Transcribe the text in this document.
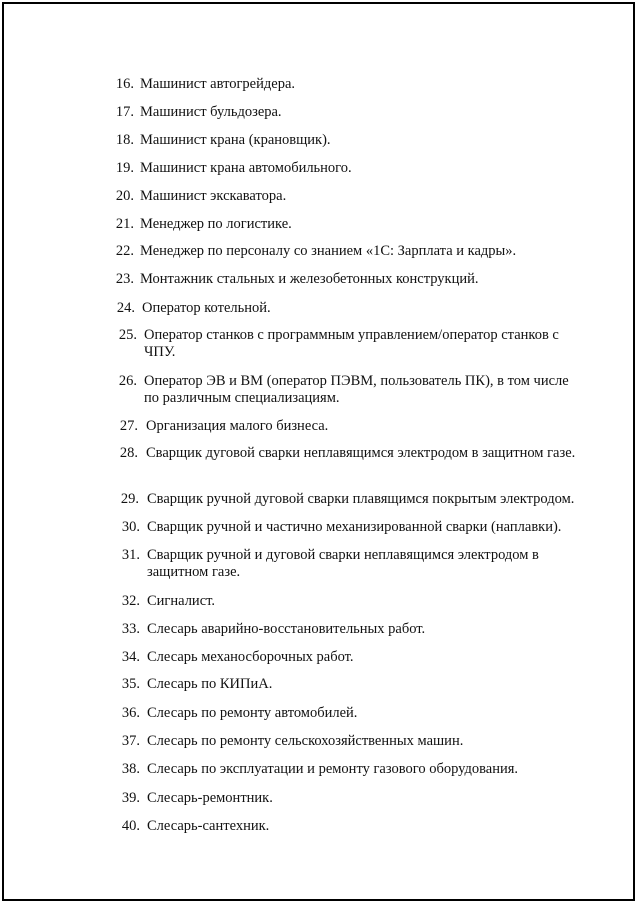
16. Машинист автогрейдера.
17. Машинист бульдозера.
18. Машинист крана (крановщик).
19. Машинист крана автомобильного.
20. Машинист экскаватора.
21. Менеджер по логистике.
22. Менеджер по персоналу со знанием «1С: Зарплата и кадры».
23. Монтажник стальных и железобетонных конструкций.
24. Оператор котельной.
25. Оператор станков с программным управлением/оператор станков с ЧПУ.
26. Оператор ЭВ и ВМ (оператор ПЭВМ, пользователь ПК), в том числе по различным специализациям.
27. Организация малого бизнеса.
28. Сварщик дуговой сварки неплавящимся электродом в защитном газе.
29. Сварщик ручной дуговой сварки плавящимся покрытым электродом.
30. Сварщик ручной и частично механизированной сварки (наплавки).
31. Сварщик ручной и дуговой сварки неплавящимся электродом в защитном газе.
32. Сигналист.
33. Слесарь аварийно-восстановительных работ.
34. Слесарь механосборочных работ.
35. Слесарь по КИПиА.
36. Слесарь по ремонту автомобилей.
37. Слесарь по ремонту сельскохозяйственных машин.
38. Слесарь по эксплуатации и ремонту газового оборудования.
39. Слесарь-ремонтник.
40. Слесарь-сантехник.
